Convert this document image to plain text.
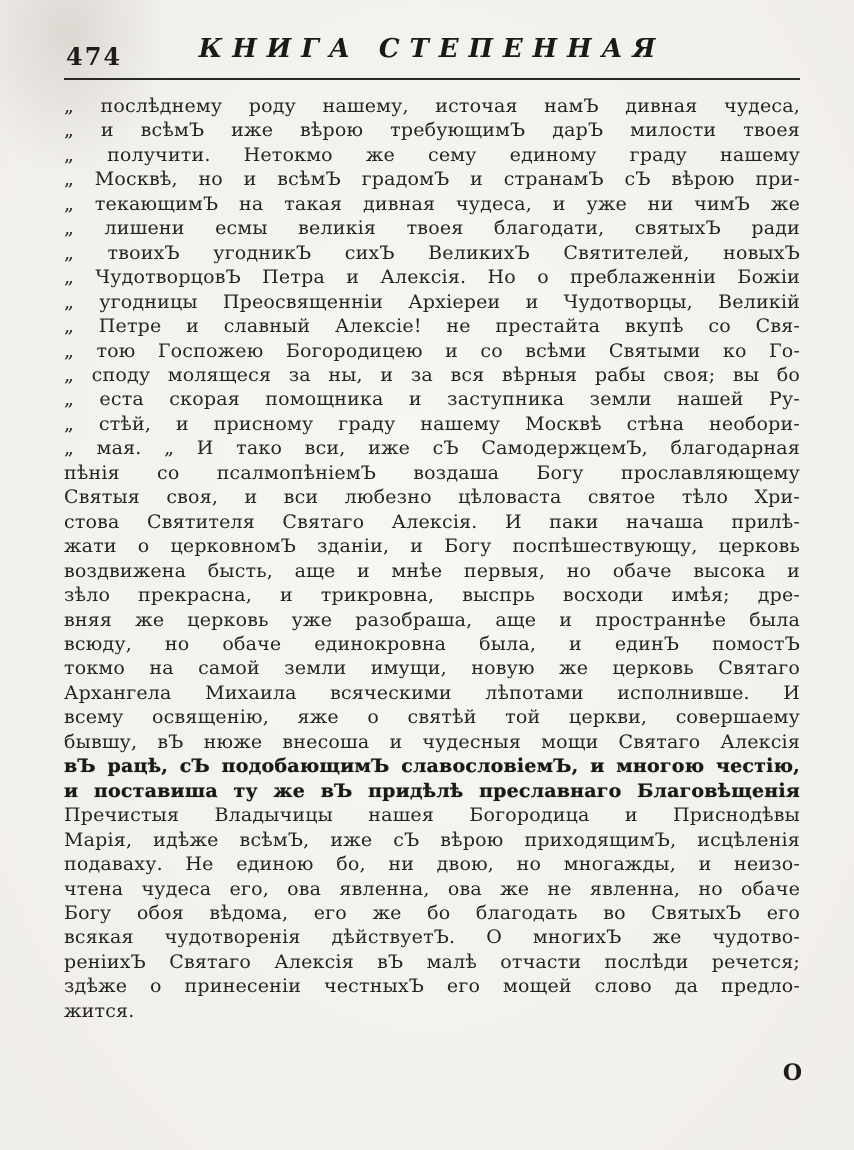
474	КНИГА СТЕПЕННАЯ
„ послѣднему роду нашему, источая намЪ дивная чудеса,
„ и всѣмЪ иже вѣрою требующимЪ дарЪ милости твоея
„ получити. Нетокмо же сему единому граду нашему
„ Москвѣ, но и всѣмЪ градомЪ и странамЪ сЪ вѣрою при-
„ текающимЪ на такая дивная чудеса, и уже ни чимЪ же
„ лишени есмы великія твоея благодати, святыхЪ ради
„ твоихЪ угодникЪ сихЪ ВеликихЪ Святителей, новыхЪ
„ ЧудотворцовЪ Петра и Алексія. Но о преблаженніи Божіи
„ угодницы Преосвященніи Архіереи и Чудотворцы, Великій
„ Петре и славный Алексіе! не престайта вкупѣ со Свя-
„ тою Госпожею Богородицею и со всѣми Святыми ко Го-
„ споду молящеся за ны, и за вся вѣрныя рабы своя; вы бо
„ еста скорая помощника и заступника земли нашей Ру-
„ стѣй, и присному граду нашему Москвѣ стѣна необори-
„ мая. „ И тако вси, иже сЪ СамодержцемЪ, благодарная
пѣнія со псалмопѣніемЪ воздаша Богу прославляющему
Святыя своя, и вси любезно цѣловаста святое тѣло Хри-
стова Святителя Святаго Алексія. И паки начаша прилѣ-
жати о церковномЪ зданіи, и Богу поспѣшествующу, церковь
воздвижена бысть, аще и мнѣе первыя, но обаче высока и
зѣло прекрасна, и трикровна, выспрь восходи имѣя; дре-
вняя же церковь уже разобраша, аще и пространнѣе была
всюду, но обаче единокровна была, и единЪ помостЪ
токмо на самой земли имущи, новую же церковь Святаго
Архангела Михаила всяческими лѣпотами исполнивше. И
всему освященію, яже о святѣй той церкви, совершаему
бывшу, вЪ нюже внесоша и чудесныя мощи Святаго Алексія
вЪ рацѣ, сЪ подобающимЪ славословіемЪ, и многою честію,
и поставиша ту же вЪ придѣлѣ преславнаго Благовѣщенія
Пречистыя Владычицы нашея Богородица и Приснодѣвы
Марія, идѣже всѣмЪ, иже сЪ вѣрою приходящимЪ, исцѣленія
подаваху. Не единою бо, ни двою, но многажды, и неизо-
чтена чудеса его, ова явленна, ова же не явленна, но обаче
Богу обоя вѣдома, его же бо благодать во СвятыхЪ его
всякая чудотворенія дѣйствуетЪ. О многихЪ же чудотво-
реніихЪ Святаго Алексія вЪ малѣ отчасти послѣди речется;
здѣже о принесеніи честныхЪ его мощей слово да предло-
жится.
О
